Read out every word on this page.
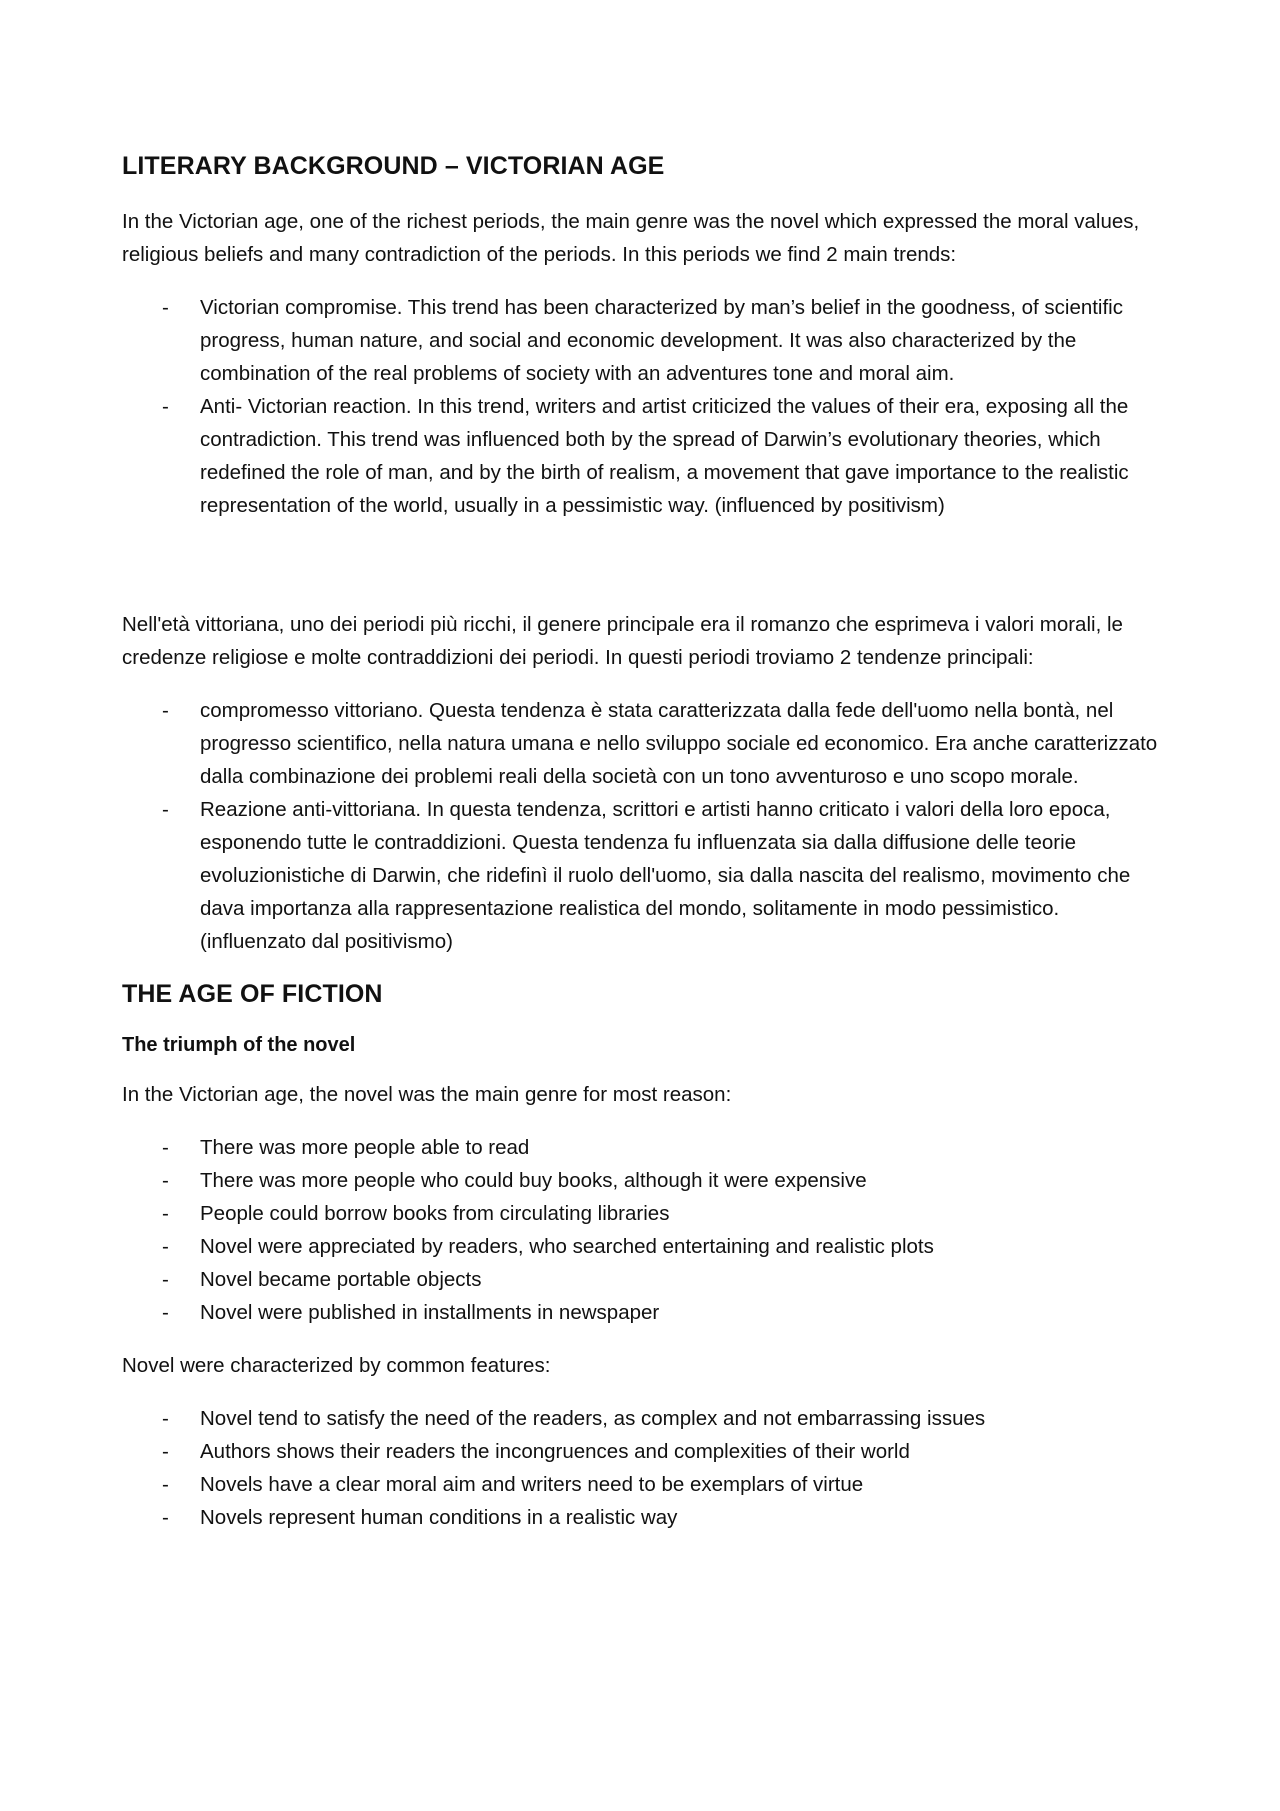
LITERARY BACKGROUND – VICTORIAN AGE

In the Victorian age, one of the richest periods, the main genre was the novel which expressed the moral values, religious beliefs and many contradiction of the periods. In this periods we find 2 main trends:

- Victorian compromise. This trend has been characterized by man’s belief in the goodness, of scientific progress, human nature, and social and economic development. It was also characterized by the combination of the real problems of society with an adventures tone and moral aim.
- Anti- Victorian reaction. In this trend, writers and artist criticized the values of their era, exposing all the contradiction. This trend was influenced both by the spread of Darwin’s evolutionary theories, which redefined the role of man, and by the birth of realism, a movement that gave importance to the realistic representation of the world, usually in a pessimistic way. (influenced by positivism)

Nell'età vittoriana, uno dei periodi più ricchi, il genere principale era il romanzo che esprimeva i valori morali, le credenze religiose e molte contraddizioni dei periodi. In questi periodi troviamo 2 tendenze principali:

- compromesso vittoriano. Questa tendenza è stata caratterizzata dalla fede dell'uomo nella bontà, nel progresso scientifico, nella natura umana e nello sviluppo sociale ed economico. Era anche caratterizzato dalla combinazione dei problemi reali della società con un tono avventuroso e uno scopo morale.
- Reazione anti-vittoriana. In questa tendenza, scrittori e artisti hanno criticato i valori della loro epoca, esponendo tutte le contraddizioni. Questa tendenza fu influenzata sia dalla diffusione delle teorie evoluzionistiche di Darwin, che ridefinì il ruolo dell'uomo, sia dalla nascita del realismo, movimento che dava importanza alla rappresentazione realistica del mondo, solitamente in modo pessimistico. (influenzato dal positivismo)
THE AGE OF FICTION
The triumph of the novel

In the Victorian age, the novel was the main genre for most reason:

- There was more people able to read
- There was more people who could buy books, although it were expensive
- People could borrow books from circulating libraries
- Novel were appreciated by readers, who searched entertaining and realistic plots
- Novel became portable objects
- Novel were published in installments in newspaper

Novel were characterized by common features:

- Novel tend to satisfy the need of the readers, as complex and not embarrassing issues
- Authors shows their readers the incongruences and complexities of their world
- Novels have a clear moral aim and writers need to be exemplars of virtue
- Novels represent human conditions in a realistic way
